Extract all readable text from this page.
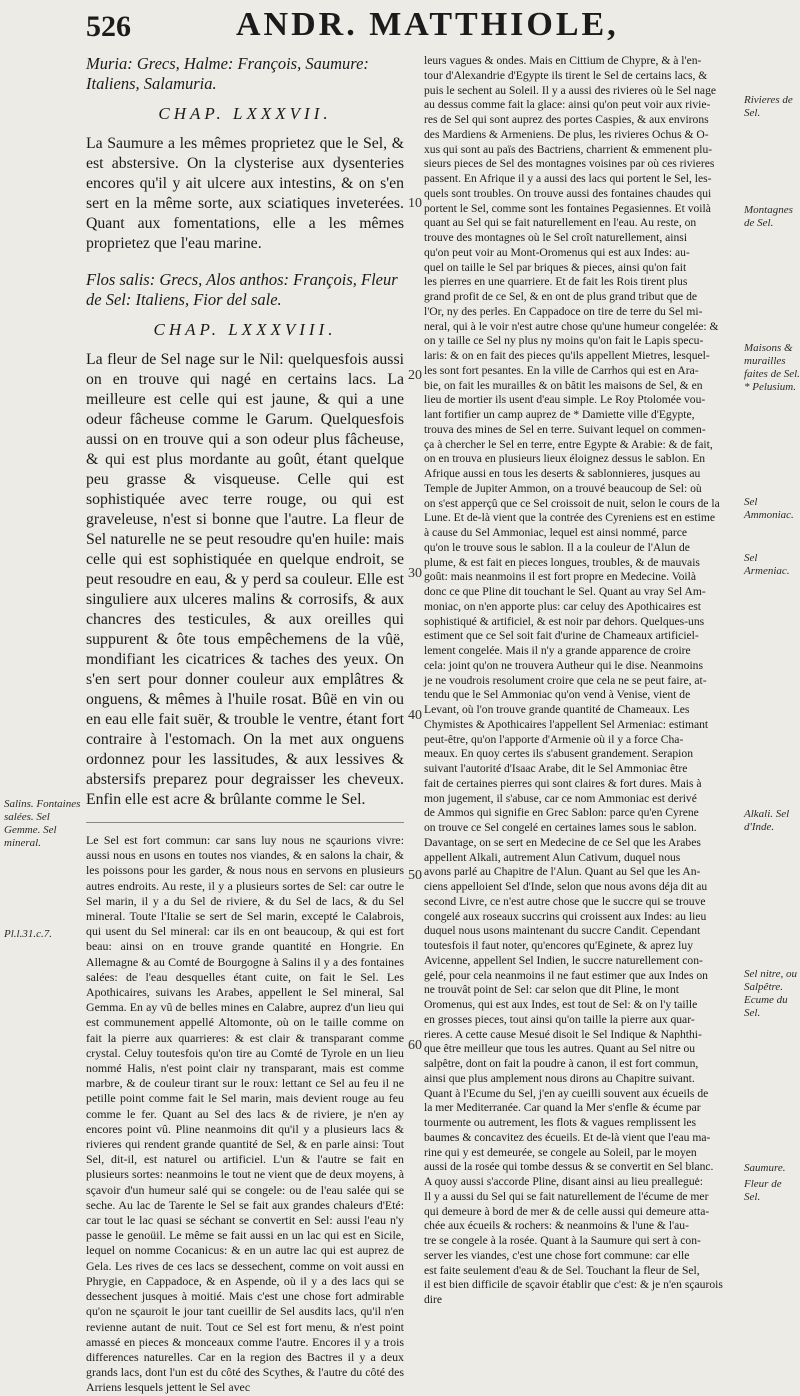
526	ANDR. MATTHIOLE,

Muria: Grecs, Halme: François, Saumure: Italiens, Salamuria.

CHAP. LXXXVII.

La Saumure a les mêmes proprietez que le Sel, & est abstersive. On la clysterise aux dysenteries encores qu'il y ait ulcere aux intestins, & on s'en sert en la même sorte, aux sciatiques inveterées. Quant aux fomentations, elle a les mêmes proprietez que l'eau marine.

Flos salis: Grecs, Alos anthos: François, Fleur de Sel: Italiens, Fior del sale.

CHAP. LXXXVIII.

La fleur de Sel nage sur le Nil: quelquesfois aussi on en trouve qui nagé en certains lacs. La meilleure est celle qui est jaune, & qui a une odeur fâcheuse comme le Garum. Quelquesfois aussi on en trouve qui a son odeur plus fâcheuse, & qui est plus mordante au goût, étant quelque peu grasse & visqueuse. Celle qui est sophistiquée avec terre rouge, ou qui est graveleuse, n'est si bonne que l'autre. La fleur de Sel naturelle ne se peut resoudre qu'en huile: mais celle qui est sophistiquée en quelque endroit, se peut resoudre en eau, & y perd sa couleur. Elle est singuliere aux ulceres malins & corrosifs, & aux chancres des testicules, & aux oreilles qui suppurent & ôte tous empêchemens de la vûë, mondifiant les cicatrices & taches des yeux. On s'en sert pour donner couleur aux emplâtres & onguens, & mêmes à l'huile rosat. Bûë en vin ou en eau elle fait suër, & trouble le ventre, étant fort contraire à l'estomach. On la met aux onguens ordonnez pour les lassitudes, & aux lessives & abstersifs preparez pour degraisser les cheveux. Enfin elle est acre & brûlante comme le Sel.

Le Sel est fort commun: car sans luy nous ne sçaurions vivre: aussi nous en usons en toutes nos viandes, & en salons la chair, & les poissons pour les garder, & nous nous en servons en plusieurs autres endroits. Au reste, il y a plusieurs sortes de Sel: car outre le Sel marin, il y a du Sel de riviere, & du Sel de lacs, & du Sel mineral. Toute l'Italie se sert de Sel marin, excepté le Calabrois, qui usent du Sel mineral: car ils en ont beaucoup, & qui est fort beau: ainsi on en trouve grande quantité en Hongrie. En Allemagne & au Comté de Bourgogne à Salins il y a des fontaines salées: de l'eau desquelles étant cuite, on fait le Sel. Les Apothicaires, suivans les Arabes, appellent le Sel mineral, Sal Gemma. En ay vû de belles mines en Calabre, auprez d'un lieu qui est communement appellé Altomonte, où on le taille comme on fait la pierre aux quarrieres: & est clair & transparant comme crystal. Celuy toutesfois qu'on tire au Comté de Tyrole en un lieu nommé Halis, n'est point clair ny transparant, mais est comme marbre, & de couleur tirant sur le roux: lettant ce Sel au feu il ne petille point comme fait le Sel marin, mais devient rouge au feu comme le fer. Quant au Sel des lacs & de riviere, je n'en ay encores point vû. Pline neanmoins dit qu'il y a plusieurs lacs & rivieres qui rendent grande quantité de Sel, & en parle ainsi: Tout Sel, dit-il, est naturel ou artificiel. L'un & l'autre se fait en plusieurs sortes: neanmoins le tout ne vient que de deux moyens, à sçavoir d'un humeur salé qui se congele: ou de l'eau salée qui se seche. Au lac de Tarente le Sel se fait aux grandes chaleurs d'Eté: car tout le lac quasi se séchant se convertit en Sel: aussi l'eau n'y passe le genoüil. Le même se fait aussi en un lac qui est en Sicile, lequel on nomme Cocanicus: & en un autre lac qui est auprez de Gela. Les rives de ces lacs se dessechent, comme on voit aussi en Phrygie, en Cappadoce, & en Aspende, où il y a des lacs qui se dessechent jusques à moitié. Mais c'est une chose fort admirable qu'on ne sçauroit le jour tant cueillir de Sel ausdits lacs, qu'il n'en revienne autant de nuit. Tout ce Sel est fort menu, & n'est point amassé en pieces & monceaux comme l'autre. Encores il y a trois differences naturelles. Car en la region des Bactres il y a deux grands lacs, dont l'un est du côté des Scythes, & l'autre du côté des Arriens lesquels jettent le Sel avec

leurs vagues & ondes. Mais en Cittium de Chypre, & à l'en-
tour d'Alexandrie d'Egypte ils tirent le Sel de certains lacs, &
puis le sechent au Soleil. Il y a aussi des rivieres où le Sel nage
au dessus comme fait la glace: ainsi qu'on peut voir aux rivie-
res de Sel qui sont auprez des portes Caspies, & aux environs
des Mardiens & Armeniens. De plus, les rivieres Ochus & O-
xus qui sont au païs des Bactriens, charrient & emmenent plu-
sieurs pieces de Sel des montagnes voisines par où ces rivieres
passent. En Afrique il y a aussi des lacs qui portent le Sel, les-
quels sont troubles. On trouve aussi des fontaines chaudes qui
portent le Sel, comme sont les fontaines Pegasiennes. Et voilà
quant au Sel qui se fait naturellement en l'eau. Au reste, on
trouve des montagnes où le Sel croît naturellement, ainsi
qu'on peut voir au Mont-Oromenus qui est aux Indes: au-
quel on taille le Sel par briques & pieces, ainsi qu'on fait
les pierres en une quarriere. Et de fait les Rois tirent plus
grand profit de ce Sel, & en ont de plus grand tribut que de
l'Or, ny des perles. En Cappadoce on tire de terre du Sel mi-
neral, qui à le voir n'est autre chose qu'une humeur congelée: &
on y taille ce Sel ny plus ny moins qu'on fait le Lapis specu-
laris: & on en fait des pieces qu'ils appellent Mietres, lesquel-
les sont fort pesantes. En la ville de Carrhos qui est en Ara-
bie, on fait les murailles & on bâtit les maisons de Sel, & en
lieu de mortier ils usent d'eau simple. Le Roy Ptolomée vou-
lant fortifier un camp auprez de * Damiette ville d'Egypte,
trouva des mines de Sel en terre. Suivant lequel on commen-
ça à chercher le Sel en terre, entre Egypte & Arabie: & de fait,
on en trouva en plusieurs lieux éloignez dessus le sablon. En
Afrique aussi en tous les deserts & sablonnieres, jusques au
Temple de Jupiter Ammon, on a trouvé beaucoup de Sel: où
on s'est apperçû que ce Sel croissoit de nuit, selon le cours de la
Lune. Et de-là vient que la contrée des Cyreniens est en estime
à cause du Sel Ammoniac, lequel est ainsi nommé, parce
qu'on le trouve sous le sablon. Il a la couleur de l'Alun de
plume, & est fait en pieces longues, troubles, & de mauvais
goût: mais neanmoins il est fort propre en Medecine. Voilà
donc ce que Pline dit touchant le Sel. Quant au vray Sel Am-
moniac, on n'en apporte plus: car celuy des Apothicaires est
sophistiqué & artificiel, & est noir par dehors. Quelques-uns
estiment que ce Sel soit fait d'urine de Chameaux artificiel-
lement congelée. Mais il n'y a grande apparence de croire
cela: joint qu'on ne trouvera Autheur qui le dise. Neanmoins
je ne voudrois resolument croire que cela ne se peut faire, at-
tendu que le Sel Ammoniac qu'on vend à Venise, vient de
Levant, où l'on trouve grande quantité de Chameaux. Les
Chymistes & Apothicaires l'appellent Sel Armeniac: estimant
peut-être, qu'on l'apporte d'Armenie où il y a force Cha-
meaux. En quoy certes ils s'abusent grandement. Serapion
suivant l'autorité d'Isaac Arabe, dit le Sel Ammoniac être
fait de certaines pierres qui sont claires & fort dures. Mais à
mon jugement, il s'abuse, car ce nom Ammoniac est derivé
de Ammos qui signifie en Grec Sablon: parce qu'en Cyrene
on trouve ce Sel congelé en certaines lames sous le sablon.
Davantage, on se sert en Medecine de ce Sel que les Arabes
appellent Alkali, autrement Alun Cativum, duquel nous
avons parlé au Chapitre de l'Alun. Quant au Sel que les An-
ciens appelloient Sel d'Inde, selon que nous avons déja dit au
second Livre, ce n'est autre chose que le succre qui se trouve
congelé aux roseaux succrins qui croissent aux Indes: au lieu
duquel nous usons maintenant du succre Candit. Cependant
toutesfois il faut noter, qu'encores qu'Eginete, & aprez luy
Avicenne, appellent Sel Indien, le succre naturellement con-
gelé, pour cela neanmoins il ne faut estimer que aux Indes on
ne trouvât point de Sel: car selon que dit Pline, le mont
Oromenus, qui est aux Indes, est tout de Sel: & on l'y taille
en grosses pieces, tout ainsi qu'on taille la pierre aux quar-
rieres. A cette cause Mesué disoit le Sel Indique & Naphthi-
que être meilleur que tous les autres. Quant au Sel nitre ou
salpêtre, dont on fait la poudre à canon, il est fort commun,
ainsi que plus amplement nous dirons au Chapitre suivant.
Quant à l'Ecume du Sel, j'en ay cueilli souvent aux écueils de
la mer Mediterranée. Car quand la Mer s'enfle & écume par
tourmente ou autrement, les flots & vagues remplissent les
baumes & concavitez des écueils. Et de-là vient que l'eau ma-
rine qui y est demeurée, se congele au Soleil, par le moyen
aussi de la rosée qui tombe dessus & se convertit en Sel blanc.
A quoy aussi s'accorde Pline, disant ainsi au lieu prealleguė:
Il y a aussi du Sel qui se fait naturellement de l'écume de mer
qui demeure à bord de mer & de celle aussi qui demeure atta-
chée aux écueils & rochers: & neanmoins & l'une & l'au-
tre se congele à la rosée. Quant à la Saumure qui sert à con-
server les viandes, c'est une chose fort commune: car elle
est faite seulement d'eau & de Sel. Touchant la fleur de Sel,
il est bien difficile de sçavoir établir que c'est: & je n'en sçaurois
dire
10
20
30
40
50
60
Salins. Fontaines salées. Sel Gemme. Sel mineral.
Pl.l.31.c.7.
Rivieres de Sel.
Montagnes de Sel.
Maisons & murailles faites de Sel. * Pelusium.
Sel Ammoniac.
Sel Armeniac.
Alkali. Sel d'Inde.
Sel nitre, ou Salpêtre. Ecume du Sel.
Saumure.
Fleur de Sel.
